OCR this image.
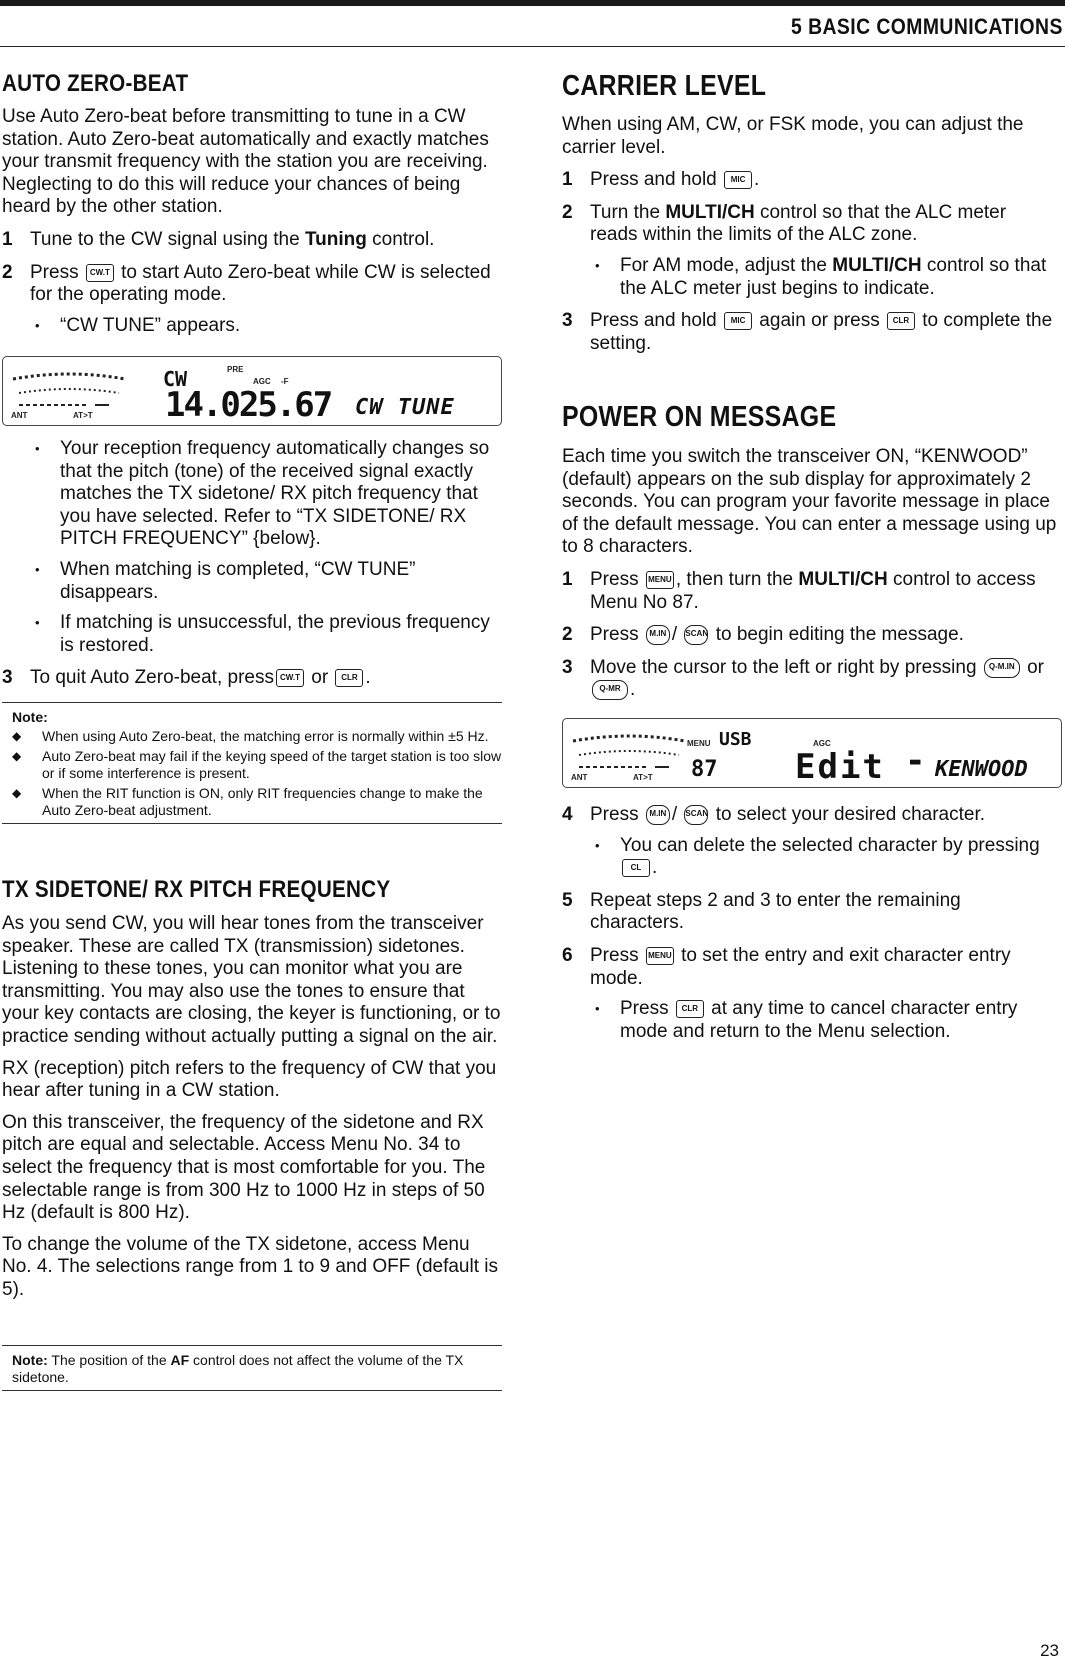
5 BASIC COMMUNICATIONS
AUTO ZERO-BEAT

Use Auto Zero-beat before transmitting to tune in a CW station. Auto Zero-beat automatically and exactly matches your transmit frequency with the station you are receiving. Neglecting to do this will reduce your chances of being heard by the other station.

1 Tune to the CW signal using the Tuning control.
2 Press CW.T to start Auto Zero-beat while CW is selected for the operating mode.
• “CW TUNE” appears.
ANT	AT>T
CW	PRE
AGC -F
14.025.67 CW TUNE
• Your reception frequency automatically changes so that the pitch (tone) of the received signal exactly matches the TX sidetone/ RX pitch frequency that you have selected. Refer to “TX SIDETONE/ RX PITCH FREQUENCY” {below}.
• When matching is completed, “CW TUNE” disappears.
• If matching is unsuccessful, the previous frequency is restored.
3 To quit Auto Zero-beat, press CW.T or CLR .
Note:
◆ When using Auto Zero-beat, the matching error is normally within ±5 Hz.
◆ Auto Zero-beat may fail if the keying speed of the target station is too slow or if some interference is present.
◆ When the RIT function is ON, only RIT frequencies change to make the Auto Zero-beat adjustment.
TX SIDETONE/ RX PITCH FREQUENCY

As you send CW, you will hear tones from the transceiver speaker. These are called TX (transmission) sidetones. Listening to these tones, you can monitor what you are transmitting. You may also use the tones to ensure that your key contacts are closing, the keyer is functioning, or to practice sending without actually putting a signal on the air.

RX (reception) pitch refers to the frequency of CW that you hear after tuning in a CW station.

On this transceiver, the frequency of the sidetone and RX pitch are equal and selectable. Access Menu No. 34 to select the frequency that is most comfortable for you. The selectable range is from 300 Hz to 1000 Hz in steps of 50 Hz (default is 800 Hz).

To change the volume of the TX sidetone, access Menu No. 4. The selections range from 1 to 9 and OFF (default is 5).

Note: The position of the AF control does not affect the volume of the TX sidetone.
CARRIER LEVEL

When using AM, CW, or FSK mode, you can adjust the carrier level.

1 Press and hold MIC .
2 Turn the MULTI/CH control so that the ALC meter reads within the limits of the ALC zone.
• For AM mode, adjust the MULTI/CH control so that the ALC meter just begins to indicate.
3 Press and hold MIC again or press CLR to complete the setting.
POWER ON MESSAGE

Each time you switch the transceiver ON, “KENWOOD” (default) appears on the sub display for approximately 2 seconds. You can program your favorite message in place of the default message. You can enter a message using up to 8 characters.

1 Press MENU , then turn the MULTI/CH control to access Menu No 87.
2 Press M.IN / SCAN to begin editing the message.
3 Move the cursor to the left or right by pressing Q-M.IN or Q-MR .
ANT	AT>T
MENU USB	AGC
87 Edit - KENWOOD
4 Press M.IN / SCAN to select your desired character.
• You can delete the selected character by pressing CL .
5 Repeat steps 2 and 3 to enter the remaining characters.
6 Press MENU to set the entry and exit character entry mode.
• Press CLR at any time to cancel character entry mode and return to the Menu selection.
23
